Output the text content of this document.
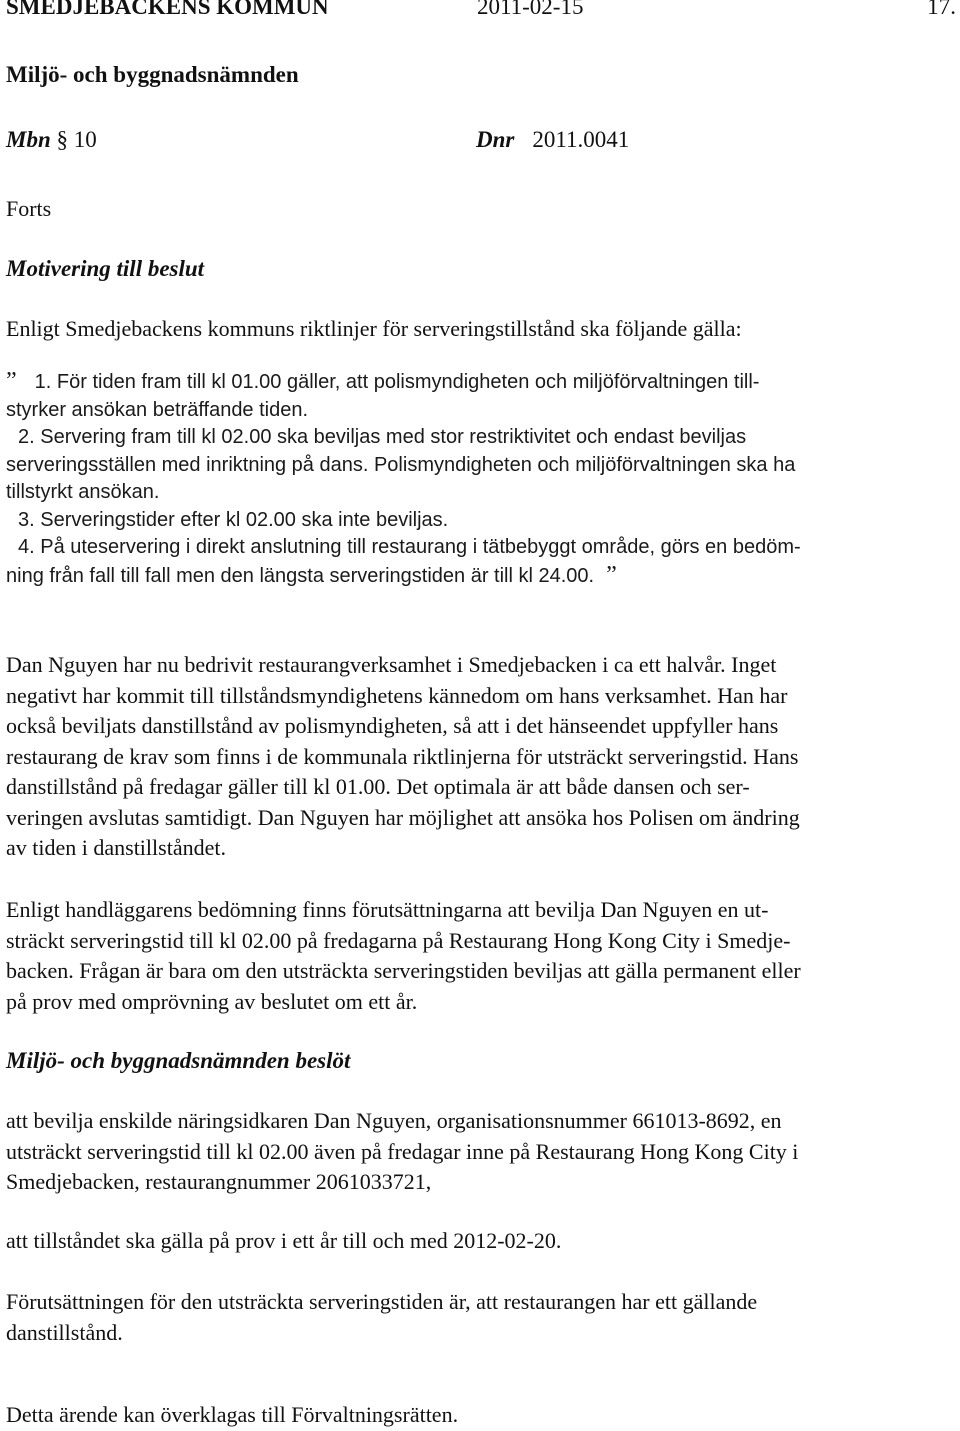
SMEDJEBACKENS KOMMUN	2011-02-15	17.
Miljö- och byggnadsnämnden
Mbn § 10	Dnr 2011.0041
Forts
Motivering till beslut

Enligt Smedjebackens kommuns riktlinjer för serveringstillstånd ska följande gälla:

” 1. För tiden fram till kl 01.00 gäller, att polismyndigheten och miljöförvaltningen till-
styrker ansökan beträffande tiden.
2. Servering fram till kl 02.00 ska beviljas med stor restriktivitet och endast beviljas
serveringsställen med inriktning på dans. Polismyndigheten och miljöförvaltningen ska ha
tillstyrkt ansökan.
3. Serveringstider efter kl 02.00 ska inte beviljas.
4. På uteservering i direkt anslutning till restaurang i tätbebyggt område, görs en bedöm-
ning från fall till fall men den längsta serveringstiden är till kl 24.00. ”
Dan Nguyen har nu bedrivit restaurangverksamhet i Smedjebacken i ca ett halvår. Inget
negativt har kommit till tillståndsmyndighetens kännedom om hans verksamhet. Han har
också beviljats danstillstånd av polismyndigheten, så att i det hänseendet uppfyller hans
restaurang de krav som finns i de kommunala riktlinjerna för utsträckt serveringstid. Hans
danstillstånd på fredagar gäller till kl 01.00. Det optimala är att både dansen och ser-
veringen avslutas samtidigt. Dan Nguyen har möjlighet att ansöka hos Polisen om ändring
av tiden i danstillståndet.
Enligt handläggarens bedömning finns förutsättningarna att bevilja Dan Nguyen en ut-
sträckt serveringstid till kl 02.00 på fredagarna på Restaurang Hong Kong City i Smedje-
backen. Frågan är bara om den utsträckta serveringstiden beviljas att gälla permanent eller
på prov med omprövning av beslutet om ett år.
Miljö- och byggnadsnämnden beslöt
att bevilja enskilde näringsidkaren Dan Nguyen, organisationsnummer 661013-8692, en
utsträckt serveringstid till kl 02.00 även på fredagar inne på Restaurang Hong Kong City i
Smedjebacken, restaurangnummer 2061033721,
att tillståndet ska gälla på prov i ett år till och med 2012-02-20.
Förutsättningen för den utsträckta serveringstiden är, att restaurangen har ett gällande
danstillstånd.
Detta ärende kan överklagas till Förvaltningsrätten.
